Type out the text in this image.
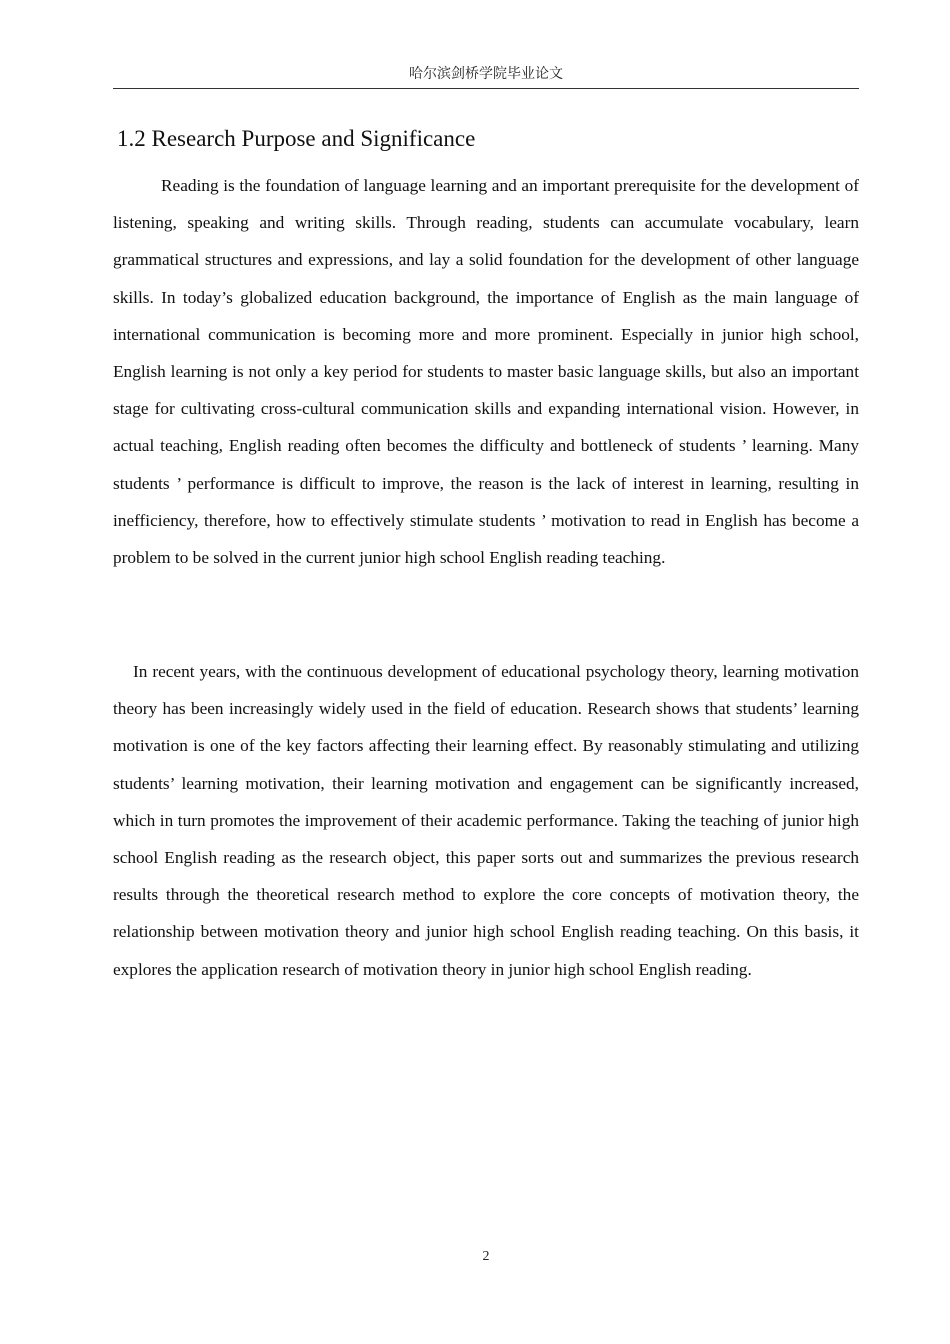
哈尔滨剑桥学院毕业论文
1.2 Research Purpose and Significance

Reading is the foundation of language learning and an important prerequisite for the development of listening, speaking and writing skills. Through reading, students can accumulate vocabulary, learn grammatical structures and expressions, and lay a solid foundation for the development of other language skills. In today’s globalized education background, the importance of English as the main language of international communication is becoming more and more prominent. Especially in junior high school, English learning is not only a key period for students to master basic language skills, but also an important stage for cultivating cross-cultural communication skills and expanding international vision. However, in actual teaching, English reading often becomes the difficulty and bottleneck of students ’ learning. Many students ’ performance is difficult to improve, the reason is the lack of interest in learning, resulting in inefficiency, therefore, how to effectively stimulate students ’ motivation to read in English has become a problem to be solved in the current junior high school English reading teaching.

In recent years, with the continuous development of educational psychology theory, learning motivation theory has been increasingly widely used in the field of education. Research shows that students’ learning motivation is one of the key factors affecting their learning effect. By reasonably stimulating and utilizing students’ learning motivation, their learning motivation and engagement can be significantly increased, which in turn promotes the improvement of their academic performance. Taking the teaching of junior high school English reading as the research object, this paper sorts out and summarizes the previous research results through the theoretical research method to explore the core concepts of motivation theory, the relationship between motivation theory and junior high school English reading teaching. On this basis, it explores the application research of motivation theory in junior high school English reading.

2
